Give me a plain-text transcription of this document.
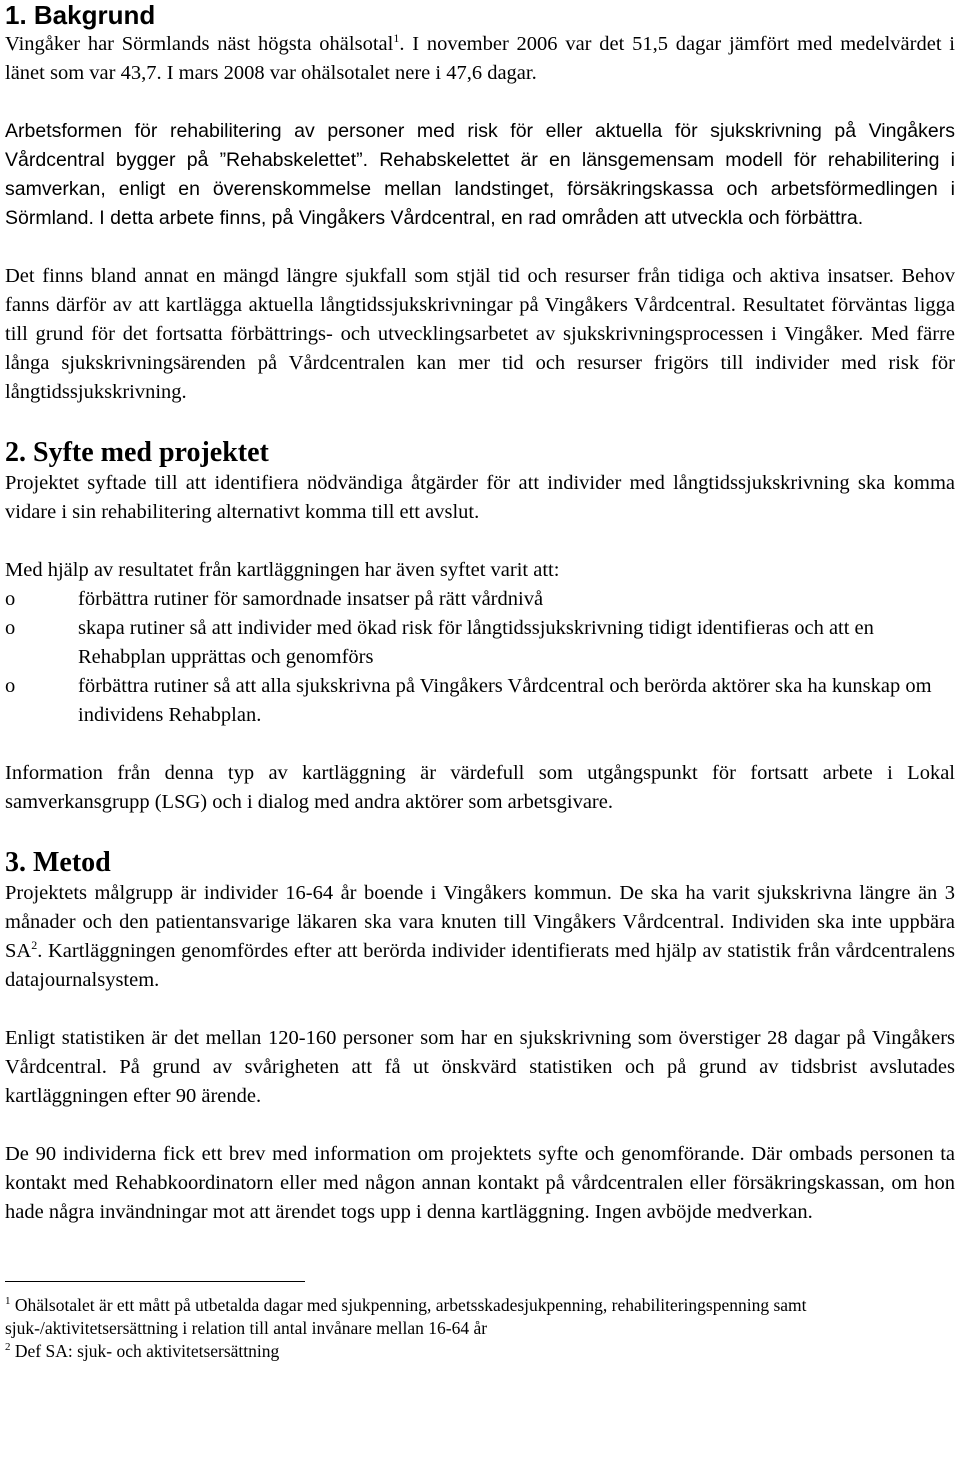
1. Bakgrund

Vingåker har Sörmlands näst högsta ohälsotal$^1$. I november 2006 var det 51,5 dagar jämfört med medelvärdet i länet som var 43,7. I mars 2008 var ohälsotalet nere i 47,6 dagar.

Arbetsformen för rehabilitering av personer med risk för eller aktuella för sjukskrivning på Vingåkers Vårdcentral bygger på ”Rehabskelettet”. Rehabskelettet är en länsgemensam modell för rehabilitering i samverkan, enligt en överenskommelse mellan landstinget, försäkringskassa och arbetsförmedlingen i Sörmland. I detta arbete finns, på Vingåkers Vårdcentral, en rad områden att utveckla och förbättra.

Det finns bland annat en mängd längre sjukfall som stjäl tid och resurser från tidiga och aktiva insatser. Behov fanns därför av att kartlägga aktuella långtidssjukskrivningar på Vingåkers Vårdcentral. Resultatet förväntas ligga till grund för det fortsatta förbättrings- och utvecklingsarbetet av sjukskrivningsprocessen i Vingåker. Med färre långa sjukskrivningsärenden på Vårdcentralen kan mer tid och resurser frigörs till individer med risk för långtidssjukskrivning.

2. Syfte med projektet

Projektet syftade till att identifiera nödvändiga åtgärder för att individer med långtidssjukskrivning ska komma vidare i sin rehabilitering alternativt komma till ett avslut.

Med hjälp av resultatet från kartläggningen har även syftet varit att:

o	förbättra rutiner för samordnade insatser på rätt vårdnivå
o	skapa rutiner så att individer med ökad risk för långtidssjukskrivning tidigt identifieras och att en Rehabplan upprättas och genomförs
o	förbättra rutiner så att alla sjukskrivna på Vingåkers Vårdcentral och berörda aktörer ska ha kunskap om individens Rehabplan.

Information från denna typ av kartläggning är värdefull som utgångspunkt för fortsatt arbete i Lokal samverkansgrupp (LSG) och i dialog med andra aktörer som arbetsgivare.

3. Metod

Projektets målgrupp är individer 16-64 år boende i Vingåkers kommun. De ska ha varit sjukskrivna längre än 3 månader och den patientansvarige läkaren ska vara knuten till Vingåkers Vårdcentral. Individen ska inte uppbära $SA^2$. Kartläggningen genomfördes efter att berörda individer identifierats med hjälp av statistik från vårdcentralens datajournalsystem.

Enligt statistiken är det mellan 120-160 personer som har en sjukskrivning som överstiger 28 dagar på Vingåkers Vårdcentral. På grund av svårigheten att få ut önskvärd statistiken och på grund av tidsbrist avslutades kartläggningen efter 90 ärende.

De 90 individerna fick ett brev med information om projektets syfte och genomförande. Där ombads personen ta kontakt med Rehabkoordinatorn eller med någon annan kontakt på vårdcentralen eller försäkringskassan, om hon hade några invändningar mot att ärendet togs upp i denna kartläggning. Ingen avböjde medverkan.

$^1$ Ohälsotalet är ett mått på utbetalda dagar med sjukpenning, arbetsskadesjukpenning, rehabiliteringspenning samt sjuk-/aktivitetsersättning i relation till antal invånare mellan 16-64 år

$^2$ Def SA: sjuk- och aktivitetsersättning
